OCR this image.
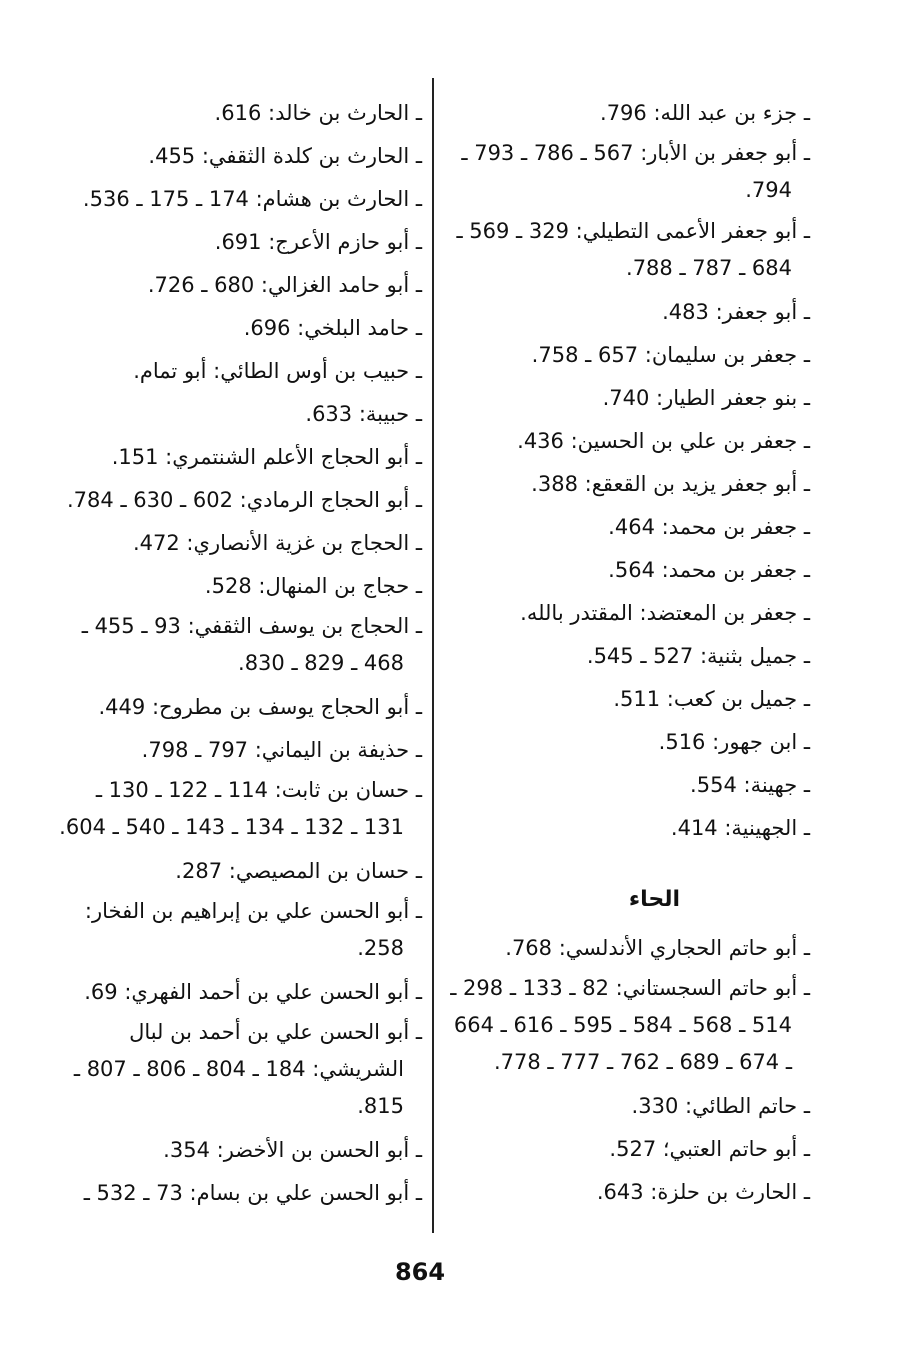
ـ جزء بن عبد الله: 796.

ـ أبو جعفر بن الأبار: 567 ـ 786 ـ 793 ـ 794.

ـ أبو جعفر الأعمى التطيلي: 329 ـ 569 ـ 684 ـ 787 ـ 788.

ـ أبو جعفر: 483.

ـ جعفر بن سليمان: 657 ـ 758.

ـ بنو جعفر الطيار: 740.

ـ جعفر بن علي بن الحسين: 436.

ـ أبو جعفر يزيد بن القعقع: 388.

ـ جعفر بن محمد: 464.

ـ جعفر بن محمد: 564.

ـ جعفر بن المعتضد: المقتدر بالله.

ـ جميل بثنية: 527 ـ 545.

ـ جميل بن كعب: 511.

ـ ابن جهور: 516.

ـ جهينة: 554.

ـ الجهينية: 414.

الحاء

ـ أبو حاتم الحجاري الأندلسي: 768.

ـ أبو حاتم السجستاني: 82 ـ 133 ـ 298 ـ 514 ـ 568 ـ 584 ـ 595 ـ 616 ـ 664 ـ 674 ـ 689 ـ 762 ـ 777 ـ 778.

ـ حاتم الطائي: 330.

ـ أبو حاتم العتبي؛ 527.

ـ الحارث بن حلزة: 643.

ـ الحارث بن خالد: 616.

ـ الحارث بن كلدة الثقفي: 455.

ـ الحارث بن هشام: 174 ـ 175 ـ 536.

ـ أبو حازم الأعرج: 691.

ـ أبو حامد الغزالي: 680 ـ 726.

ـ حامد البلخي: 696.

ـ حبيب بن أوس الطائي: أبو تمام.

ـ حبيبة: 633.

ـ أبو الحجاج الأعلم الشنتمري: 151.

ـ أبو الحجاج الرمادي: 602 ـ 630 ـ 784.

ـ الحجاج بن غزية الأنصاري: 472.

ـ حجاج بن المنهال: 528.

ـ الحجاج بن يوسف الثقفي: 93 ـ 455 ـ 468 ـ 829 ـ 830.

ـ أبو الحجاج يوسف بن مطروح: 449.

ـ حذيفة بن اليماني: 797 ـ 798.

ـ حسان بن ثابت: 114 ـ 122 ـ 130 ـ 131 ـ 132 ـ 134 ـ 143 ـ 540 ـ 604.

ـ حسان بن المصيصي: 287.

ـ أبو الحسن علي بن إبراهيم بن الفخار: 258.

ـ أبو الحسن علي بن أحمد الفهري: 69.

ـ أبو الحسن علي بن أحمد بن لبال الشريشي: 184 ـ 804 ـ 806 ـ 807 ـ 815.

ـ أبو الحسن بن الأخضر: 354.

ـ أبو الحسن علي بن بسام: 73 ـ 532 ـ

864
